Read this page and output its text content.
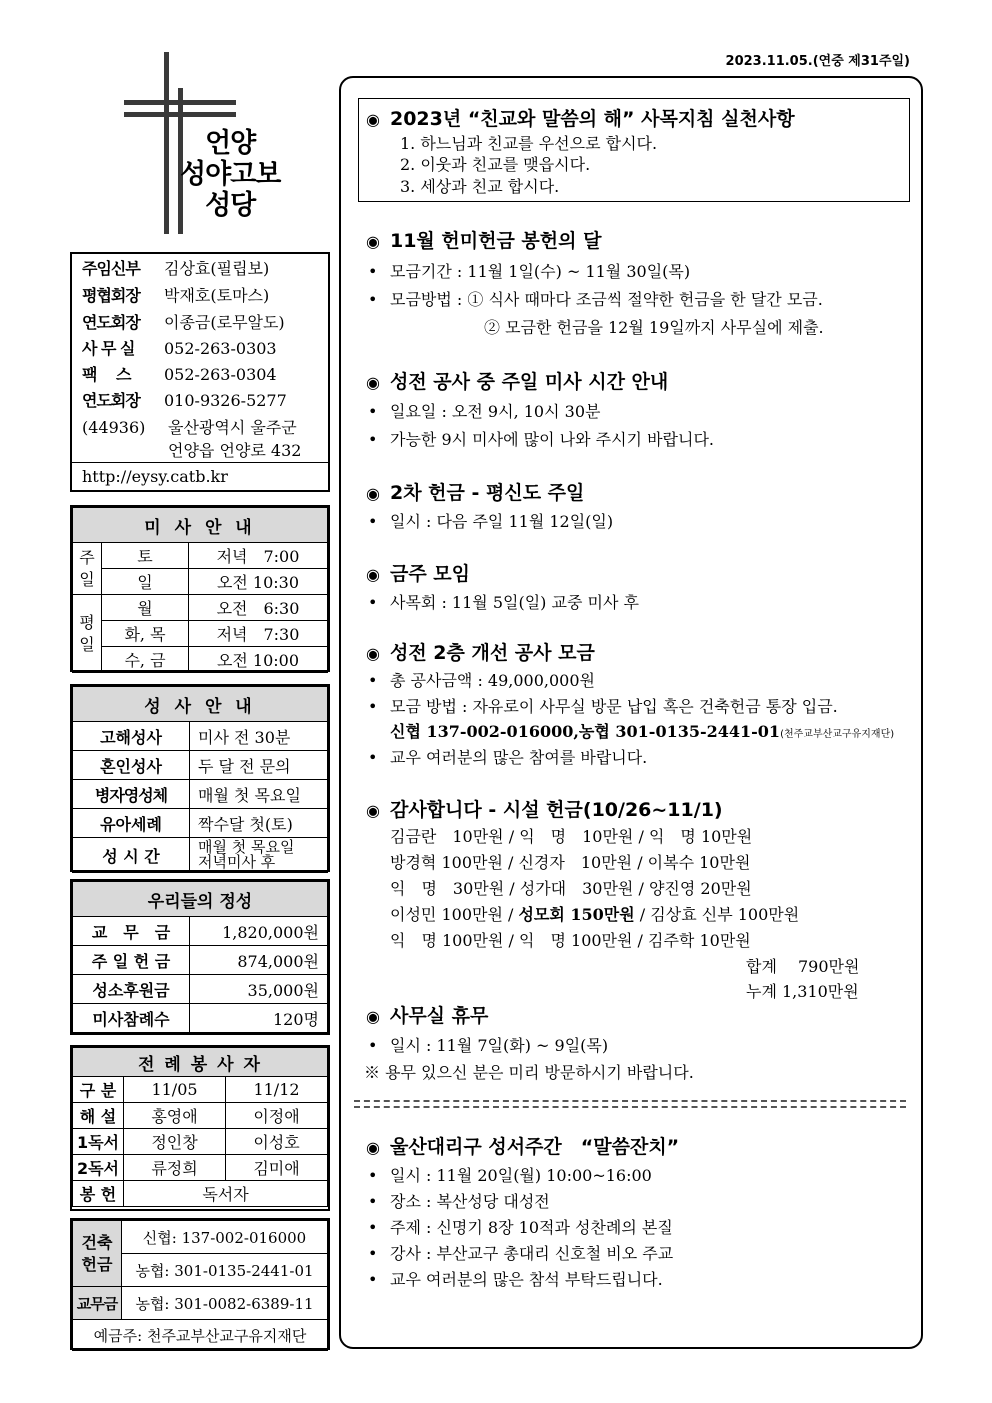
2023.11.05.(연중 제31주일)
언양
성야고보
성당
주임신부 김상효(필립보)
평협회장 박재호(토마스)
연도회장 이종금(로무알도)
사 무 실 052-263-0303
팩　 스 052-263-0304
연도회장 010-9326-5277
(44936) 울산광역시 울주군
언양읍 언양로 432
http://eysy.catb.kr
미 사 안 내		
주일	토	저녁　7:00
	일	오전 10:30
평일	월	오전　6:30
	화, 목	저녁　7:30
	수, 금	오전 10:00
성 사 안 내	
고해성사	미사 전 30분
혼인성사	두 달 전 문의
병자영성체	매월 첫 목요일
유아세례	짝수달 첫(토)
성 시 간	매월 첫 목요일
저녁미사 후
우리들의 정성	
교　무　금	1,820,000원
주 일 헌 금	874,000원
성소후원금	35,000원
미사참례수	120명
전 례 봉 사 자		
구 분	11/05	11/12
해 설	홍영애	이정애
1독서	정인창	이성호
2독서	류정희	김미애
봉 헌	독서자	
건축
헌금	신협: 137-002-016000
	농협: 301-0135-2441-01
교무금	농협: 301-0082-6389-11
예금주: 천주교부산교구유지재단	
◉ 2023년 “친교와 말씀의 해” 사목지침 실천사항
1. 하느님과 친교를 우선으로 합시다.
2. 이웃과 친교를 맺읍시다.
3. 세상과 친교 합시다.
◉ 11월 헌미헌금 봉헌의 달
• 모금기간 : 11월 1일(수) ~ 11월 30일(목)
• 모금방법 : ① 식사 때마다 조금씩 절약한 헌금을 한 달간 모금.
② 모금한 헌금을 12월 19일까지 사무실에 제출.
◉ 성전 공사 중 주일 미사 시간 안내
• 일요일 : 오전 9시, 10시 30분
• 가능한 9시 미사에 많이 나와 주시기 바랍니다.
◉ 2차 헌금 - 평신도 주일
• 일시 : 다음 주일 11월 12일(일)
◉ 금주 모임
• 사목회 : 11월 5일(일) 교중 미사 후
◉ 성전 2층 개선 공사 모금
• 총 공사금액 : 49,000,000원
• 모금 방법 : 자유로이 사무실 방문 납입 혹은 건축헌금 통장 입금.
신협 137-002-016000,농협 301-0135-2441-01(천주교부산교구유지재단)
• 교우 여러분의 많은 참여를 바랍니다.
◉ 감사합니다 - 시설 헌금(10/26~11/1)
김금란　10만원 / 익　명　10만원 / 익　명 10만원
방경혁 100만원 / 신경자　10만원 / 이복수 10만원
익　명　30만원 / 성가대　30만원 / 양진영 20만원
이성민 100만원 / 성모회 150만원 / 김상효 신부 100만원
익　명 100만원 / 익　명 100만원 / 김주학 10만원
합계　 790만원
누계 1,310만원
◉ 사무실 휴무
• 일시 : 11월 7일(화) ~ 9일(목)
※ 용무 있으신 분은 미리 방문하시기 바랍니다.
◉ 울산대리구 성서주간　“말씀잔치”
• 일시 : 11월 20일(월) 10:00~16:00
• 장소 : 복산성당 대성전
• 주제 : 신명기 8장 10적과 성찬례의 본질
• 강사 : 부산교구 총대리 신호철 비오 주교
• 교우 여러분의 많은 참석 부탁드립니다.
